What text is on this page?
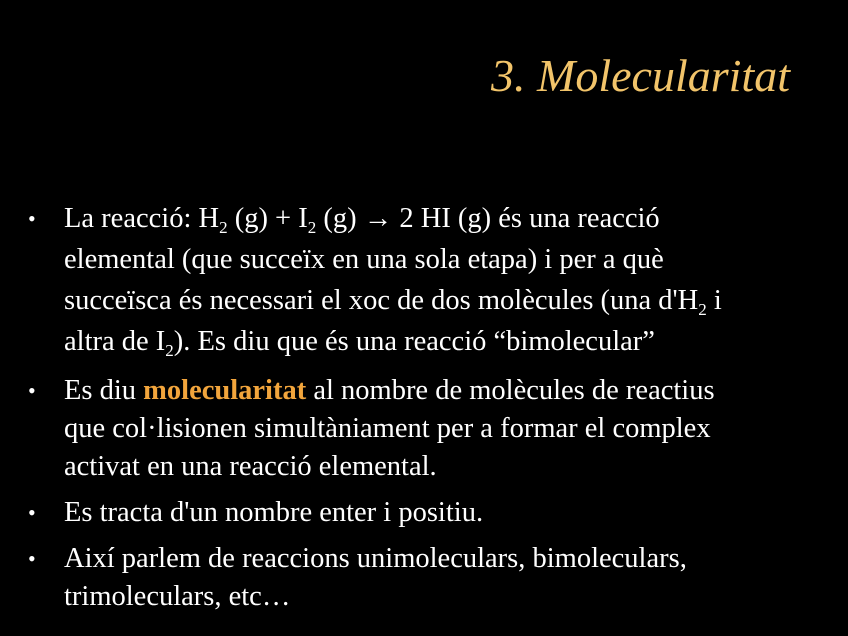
3. Molecularitat
• La reacció: $H_2$ $(g) + I_2$ (g) → 2 HI (g) és una reacció
elemental (que succeïx en una sola etapa) i per a què
succeïsca és necessari el xoc de dos molècules (una $d'H_2$ i
altra de $I_2$). Es diu que és una reacció “bimolecular”
• Es diu molecularitat al nombre de molècules de reactius
que col·lisionen simultàniament per a formar el complex
activat en una reacció elemental.
• Es tracta d'un nombre enter i positiu.
• Així parlem de reaccions unimoleculars, bimoleculars,
trimoleculars, etc…
